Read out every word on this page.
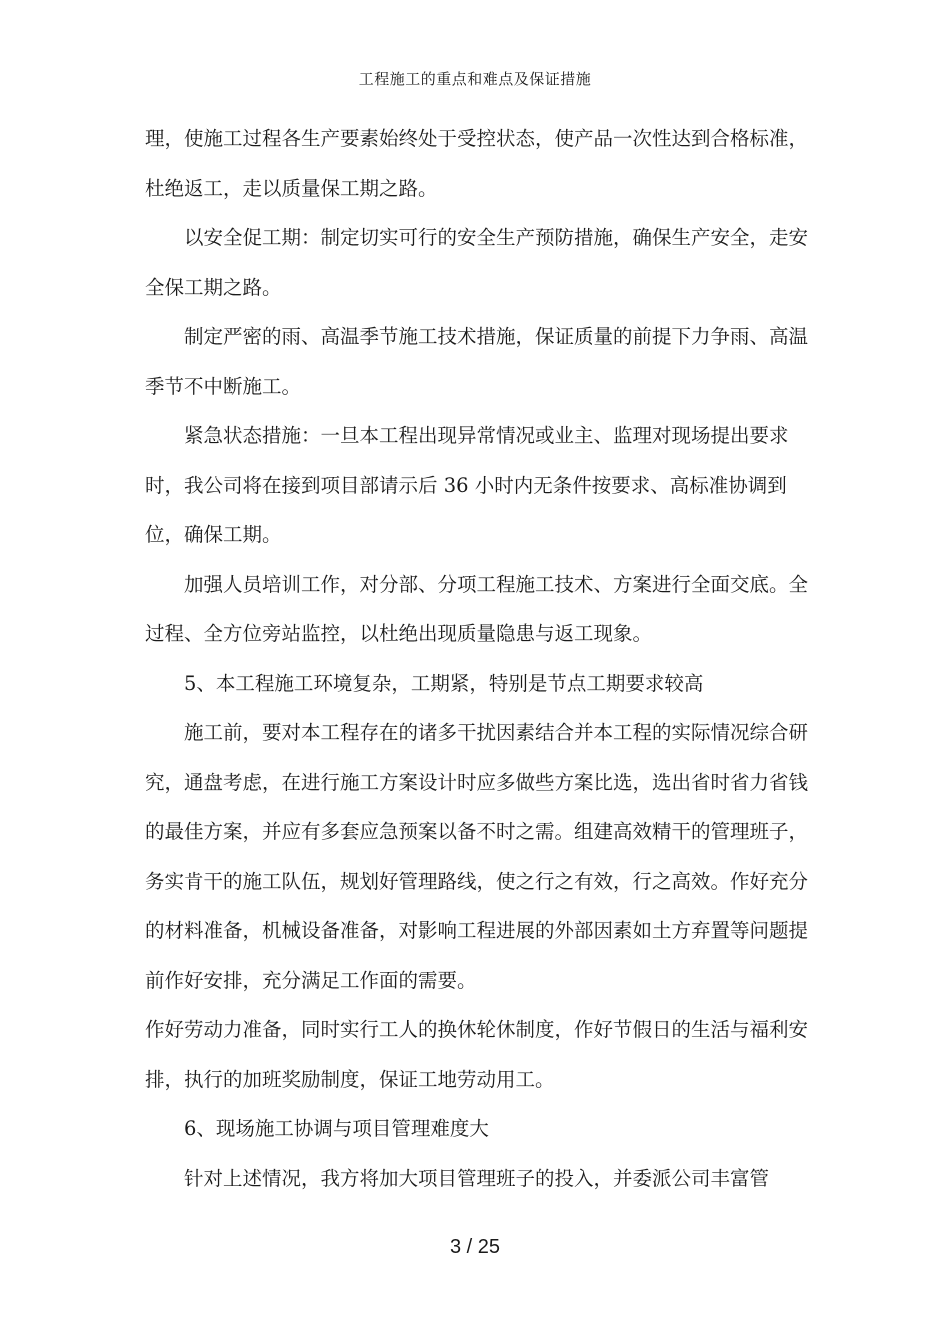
工程施工的重点和难点及保证措施

理，使施工过程各生产要素始终处于受控状态，使产品一次性达到合格标准，杜绝返工，走以质量保工期之路。

以安全促工期：制定切实可行的安全生产预防措施，确保生产安全，走安全保工期之路。

制定严密的雨、高温季节施工技术措施，保证质量的前提下力争雨、高温季节不中断施工。

紧急状态措施：一旦本工程出现异常情况或业主、监理对现场提出要求时，我公司将在接到项目部请示后 36 小时内无条件按要求、高标准协调到位，确保工期。

加强人员培训工作，对分部、分项工程施工技术、方案进行全面交底。全过程、全方位旁站监控，以杜绝出现质量隐患与返工现象。

5、本工程施工环境复杂，工期紧，特别是节点工期要求较高

施工前，要对本工程存在的诸多干扰因素结合并本工程的实际情况综合研究，通盘考虑，在进行施工方案设计时应多做些方案比选，选出省时省力省钱的最佳方案，并应有多套应急预案以备不时之需。组建高效精干的管理班子，务实肯干的施工队伍，规划好管理路线，使之行之有效，行之高效。作好充分的材料准备，机械设备准备，对影响工程进展的外部因素如土方弃置等问题提前作好安排，充分满足工作面的需要。

作好劳动力准备，同时实行工人的换休轮休制度，作好节假日的生活与福利安排，执行的加班奖励制度，保证工地劳动用工。

6、现场施工协调与项目管理难度大

针对上述情况，我方将加大项目管理班子的投入，并委派公司丰富管

3 / 25
